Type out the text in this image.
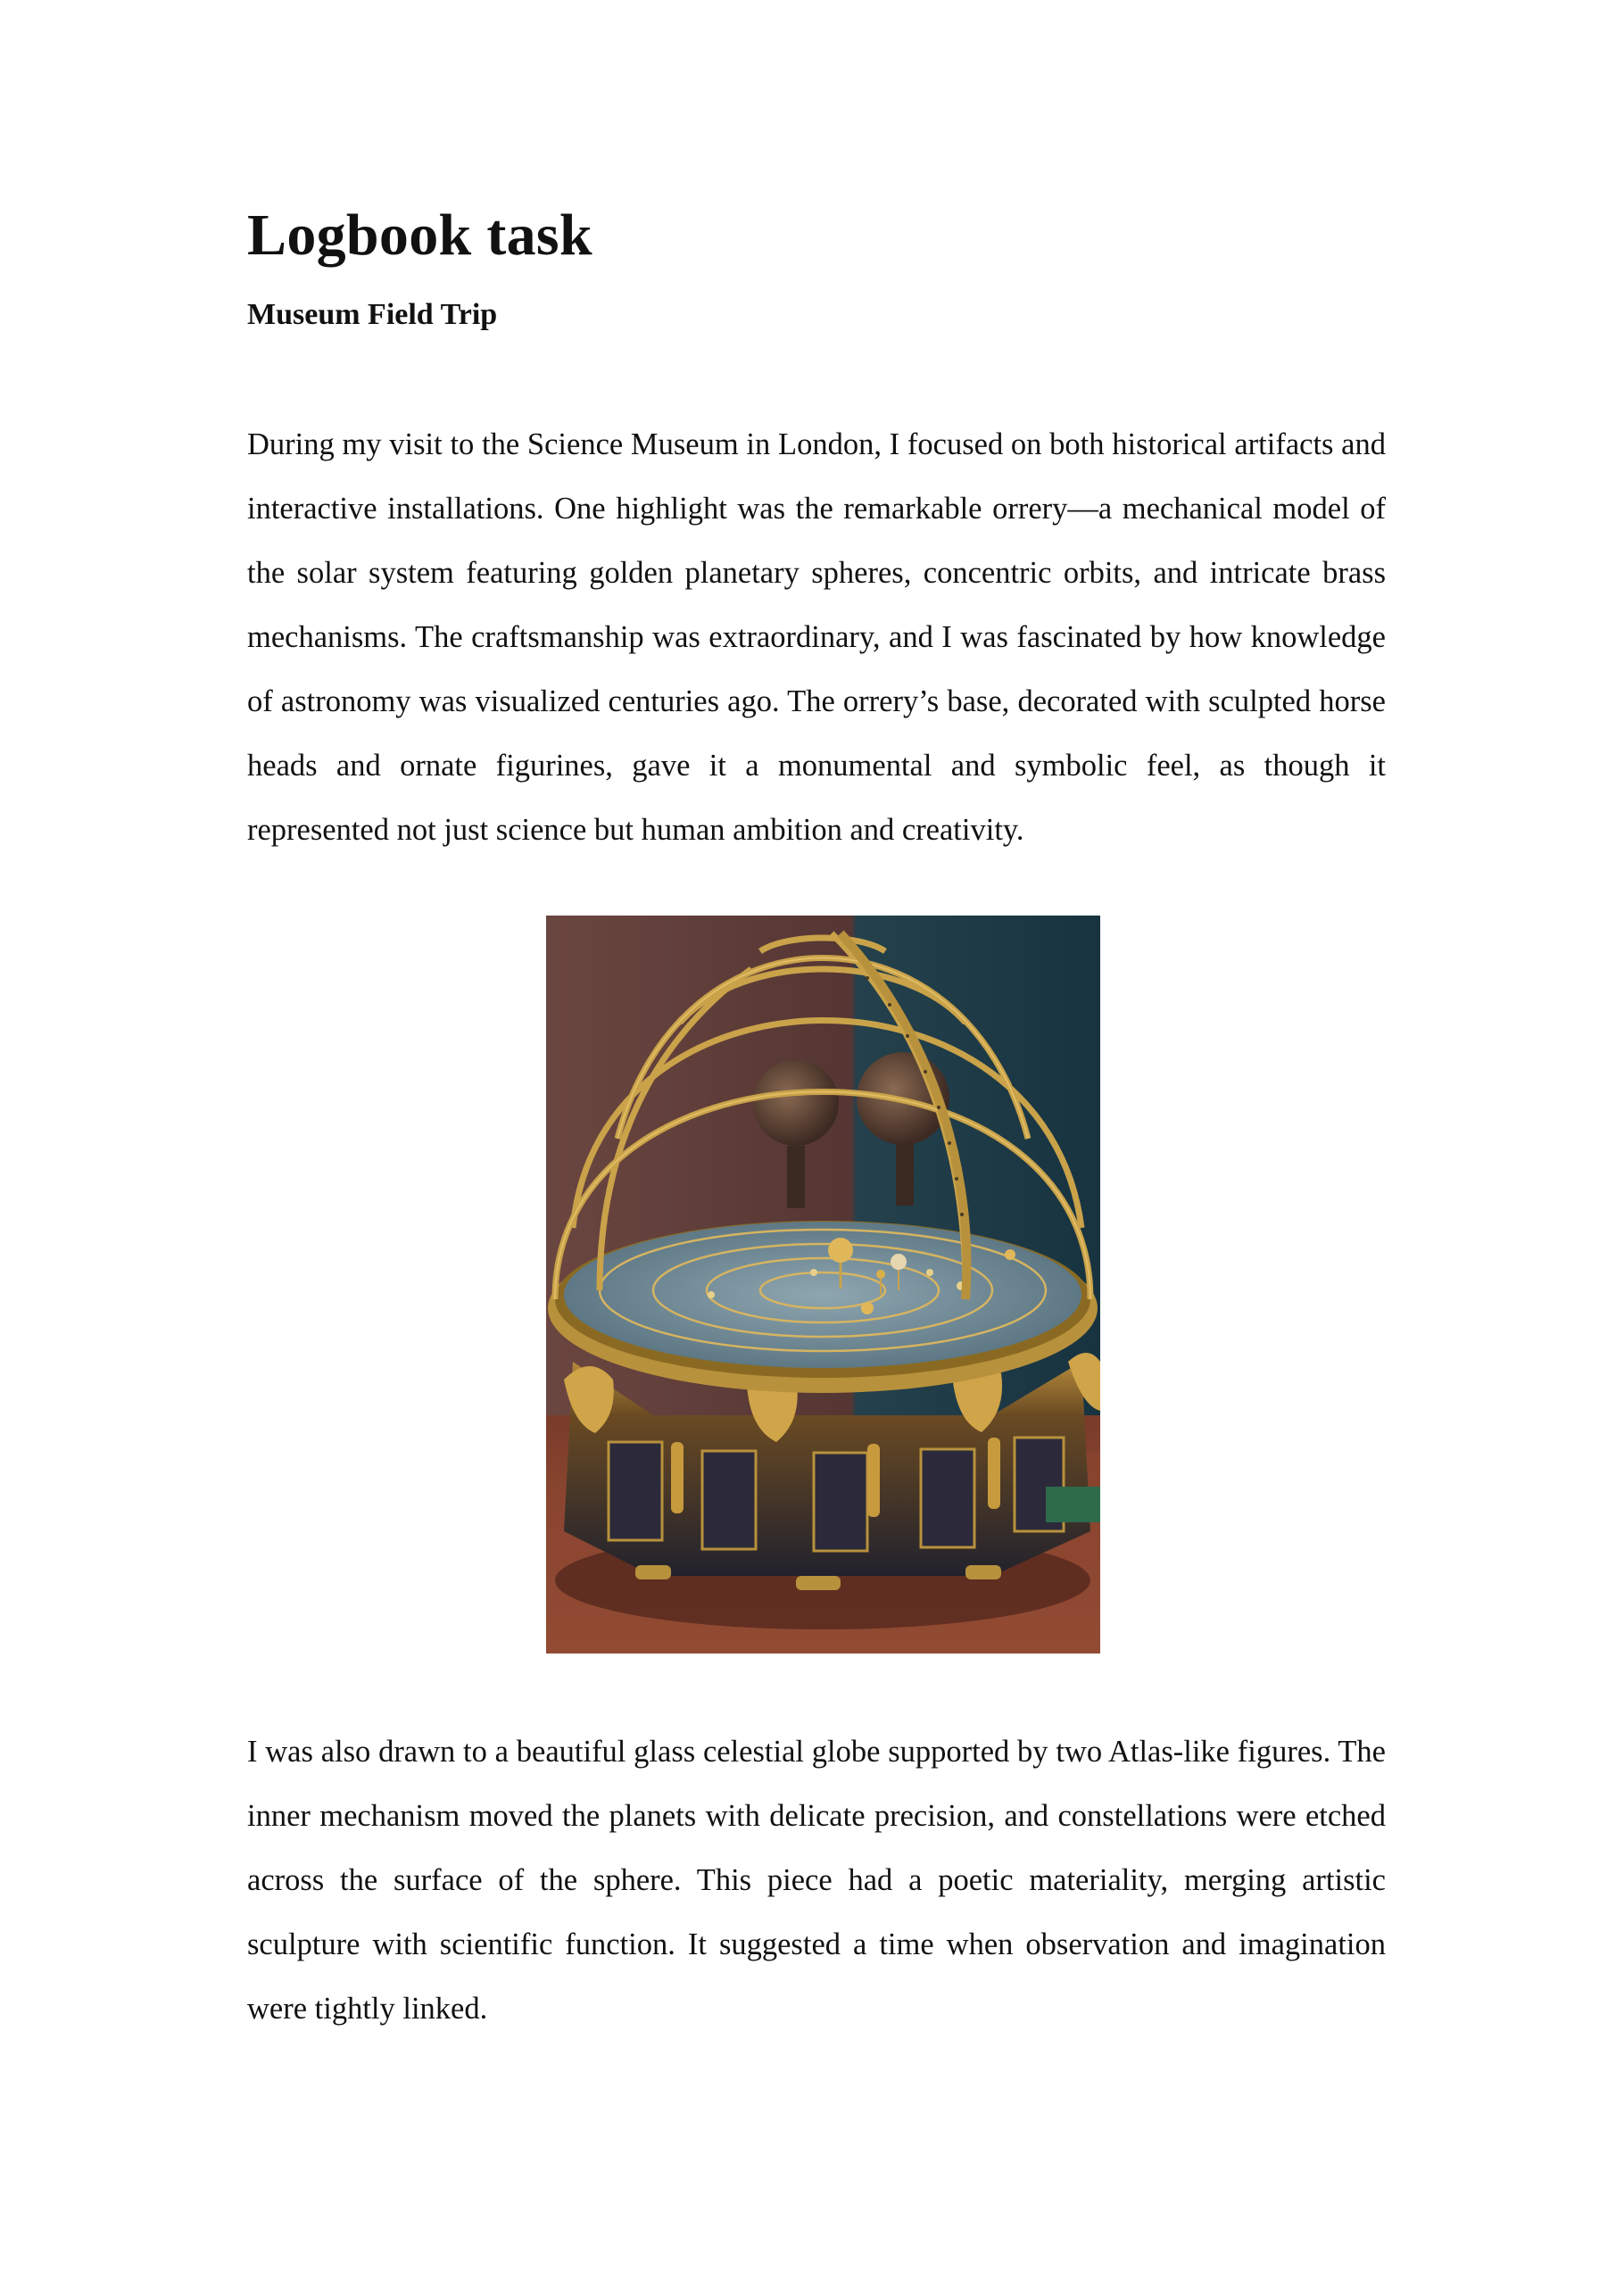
Logbook task
Museum Field Trip

During my visit to the Science Museum in London, I focused on both historical artifacts and interactive installations. One highlight was the remarkable orrery—a mechanical model of the solar system featuring golden planetary spheres, concentric orbits, and intricate brass mechanisms. The craftsmanship was extraordinary, and I was fascinated by how knowledge of astronomy was visualized centuries ago. The orrery’s base, decorated with sculpted horse heads and ornate figurines, gave it a monumental and symbolic feel, as though it represented not just science but human ambition and creativity.

I was also drawn to a beautiful glass celestial globe supported by two Atlas-like figures. The inner mechanism moved the planets with delicate precision, and constellations were etched across the surface of the sphere. This piece had a poetic materiality, merging artistic sculpture with scientific function. It suggested a time when observation and imagination were tightly linked.
